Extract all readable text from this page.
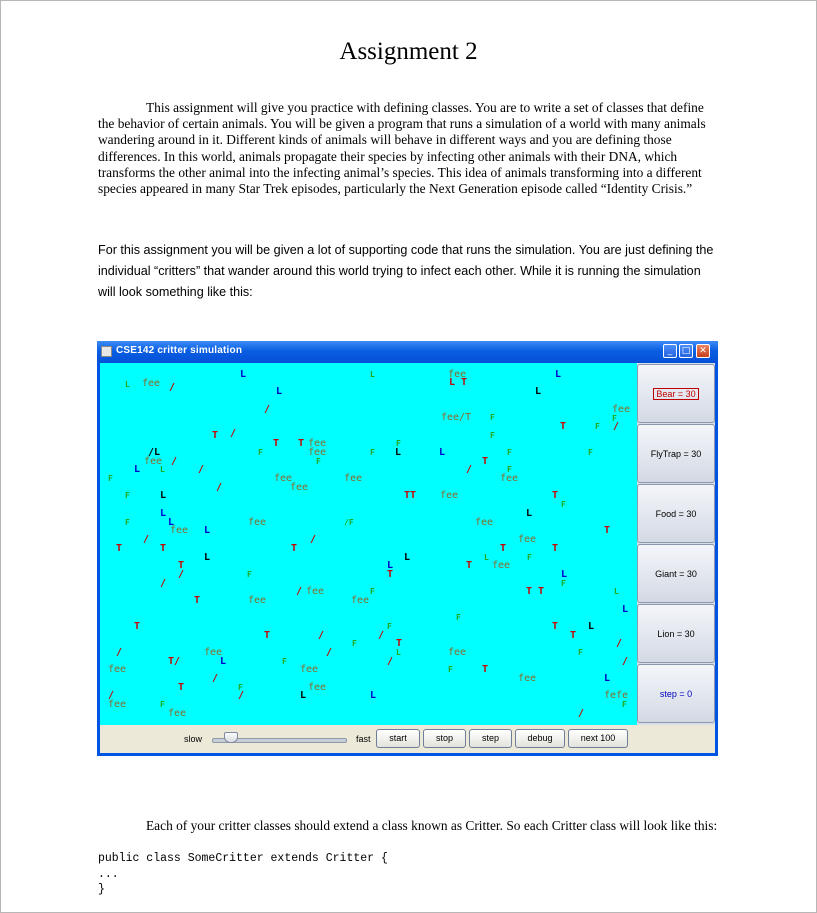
Assignment 2

This assignment will give you practice with defining classes. You are to write a set of classes that define the behavior of certain animals. You will be given a program that runs a simulation of a world with many animals wandering around in it. Different kinds of animals will behave in different ways and you are defining those differences. In this world, animals propagate their species by infecting other animals with their DNA, which transforms the other animal into the infecting animal’s species. This idea of animals transforming into a different species appeared in many Star Trek episodes, particularly the Next Generation episode called “Identity Crisis.”

For this assignment you will be given a lot of supporting code that runs the simulation. You are just defining the individual “critters” that wander around this world trying to infect each other. While it is running the simulation will look something like this:

CSE142 critter simulation	_	□ ✕
L fee /
L
L
L	fee
L T
L
L
/	fee
F
fee/T F
T	F /
F
T /
T T fee
fee
F
F	F
F
L	L
T
F
F
fee
F
/
/L
fee /
L L	/
F	fee
fee
fee
/
F	L	TT fee	T
F
L	L
F	L	fee	/F	fee
fee L	T
fee
/	/
T	T	T	T	T
L	L	L	F
fee
T
T	L
T
/	F	L
F
/
T T	L
/ fee	F
fee
T	fee
L
F
T	F	T	L
T	/	/	T
F	T	/
/	fee	/	L	fee	F
T/	L	F	/	/
fee	fee	F	T
/	fee	L
T	F	fee
/	L	L	fefe
/
fee	F	F
fee	/
Bear = 30
FlyTrap = 30
Food = 30
Giant = 30
Lion = 30
step = 0
slow	fast	start	stop	step	debug	next 100

Each of your critter classes should extend a class known as Critter. So each Critter class will look like this:

public class SomeCritter extends Critter {
...
}
